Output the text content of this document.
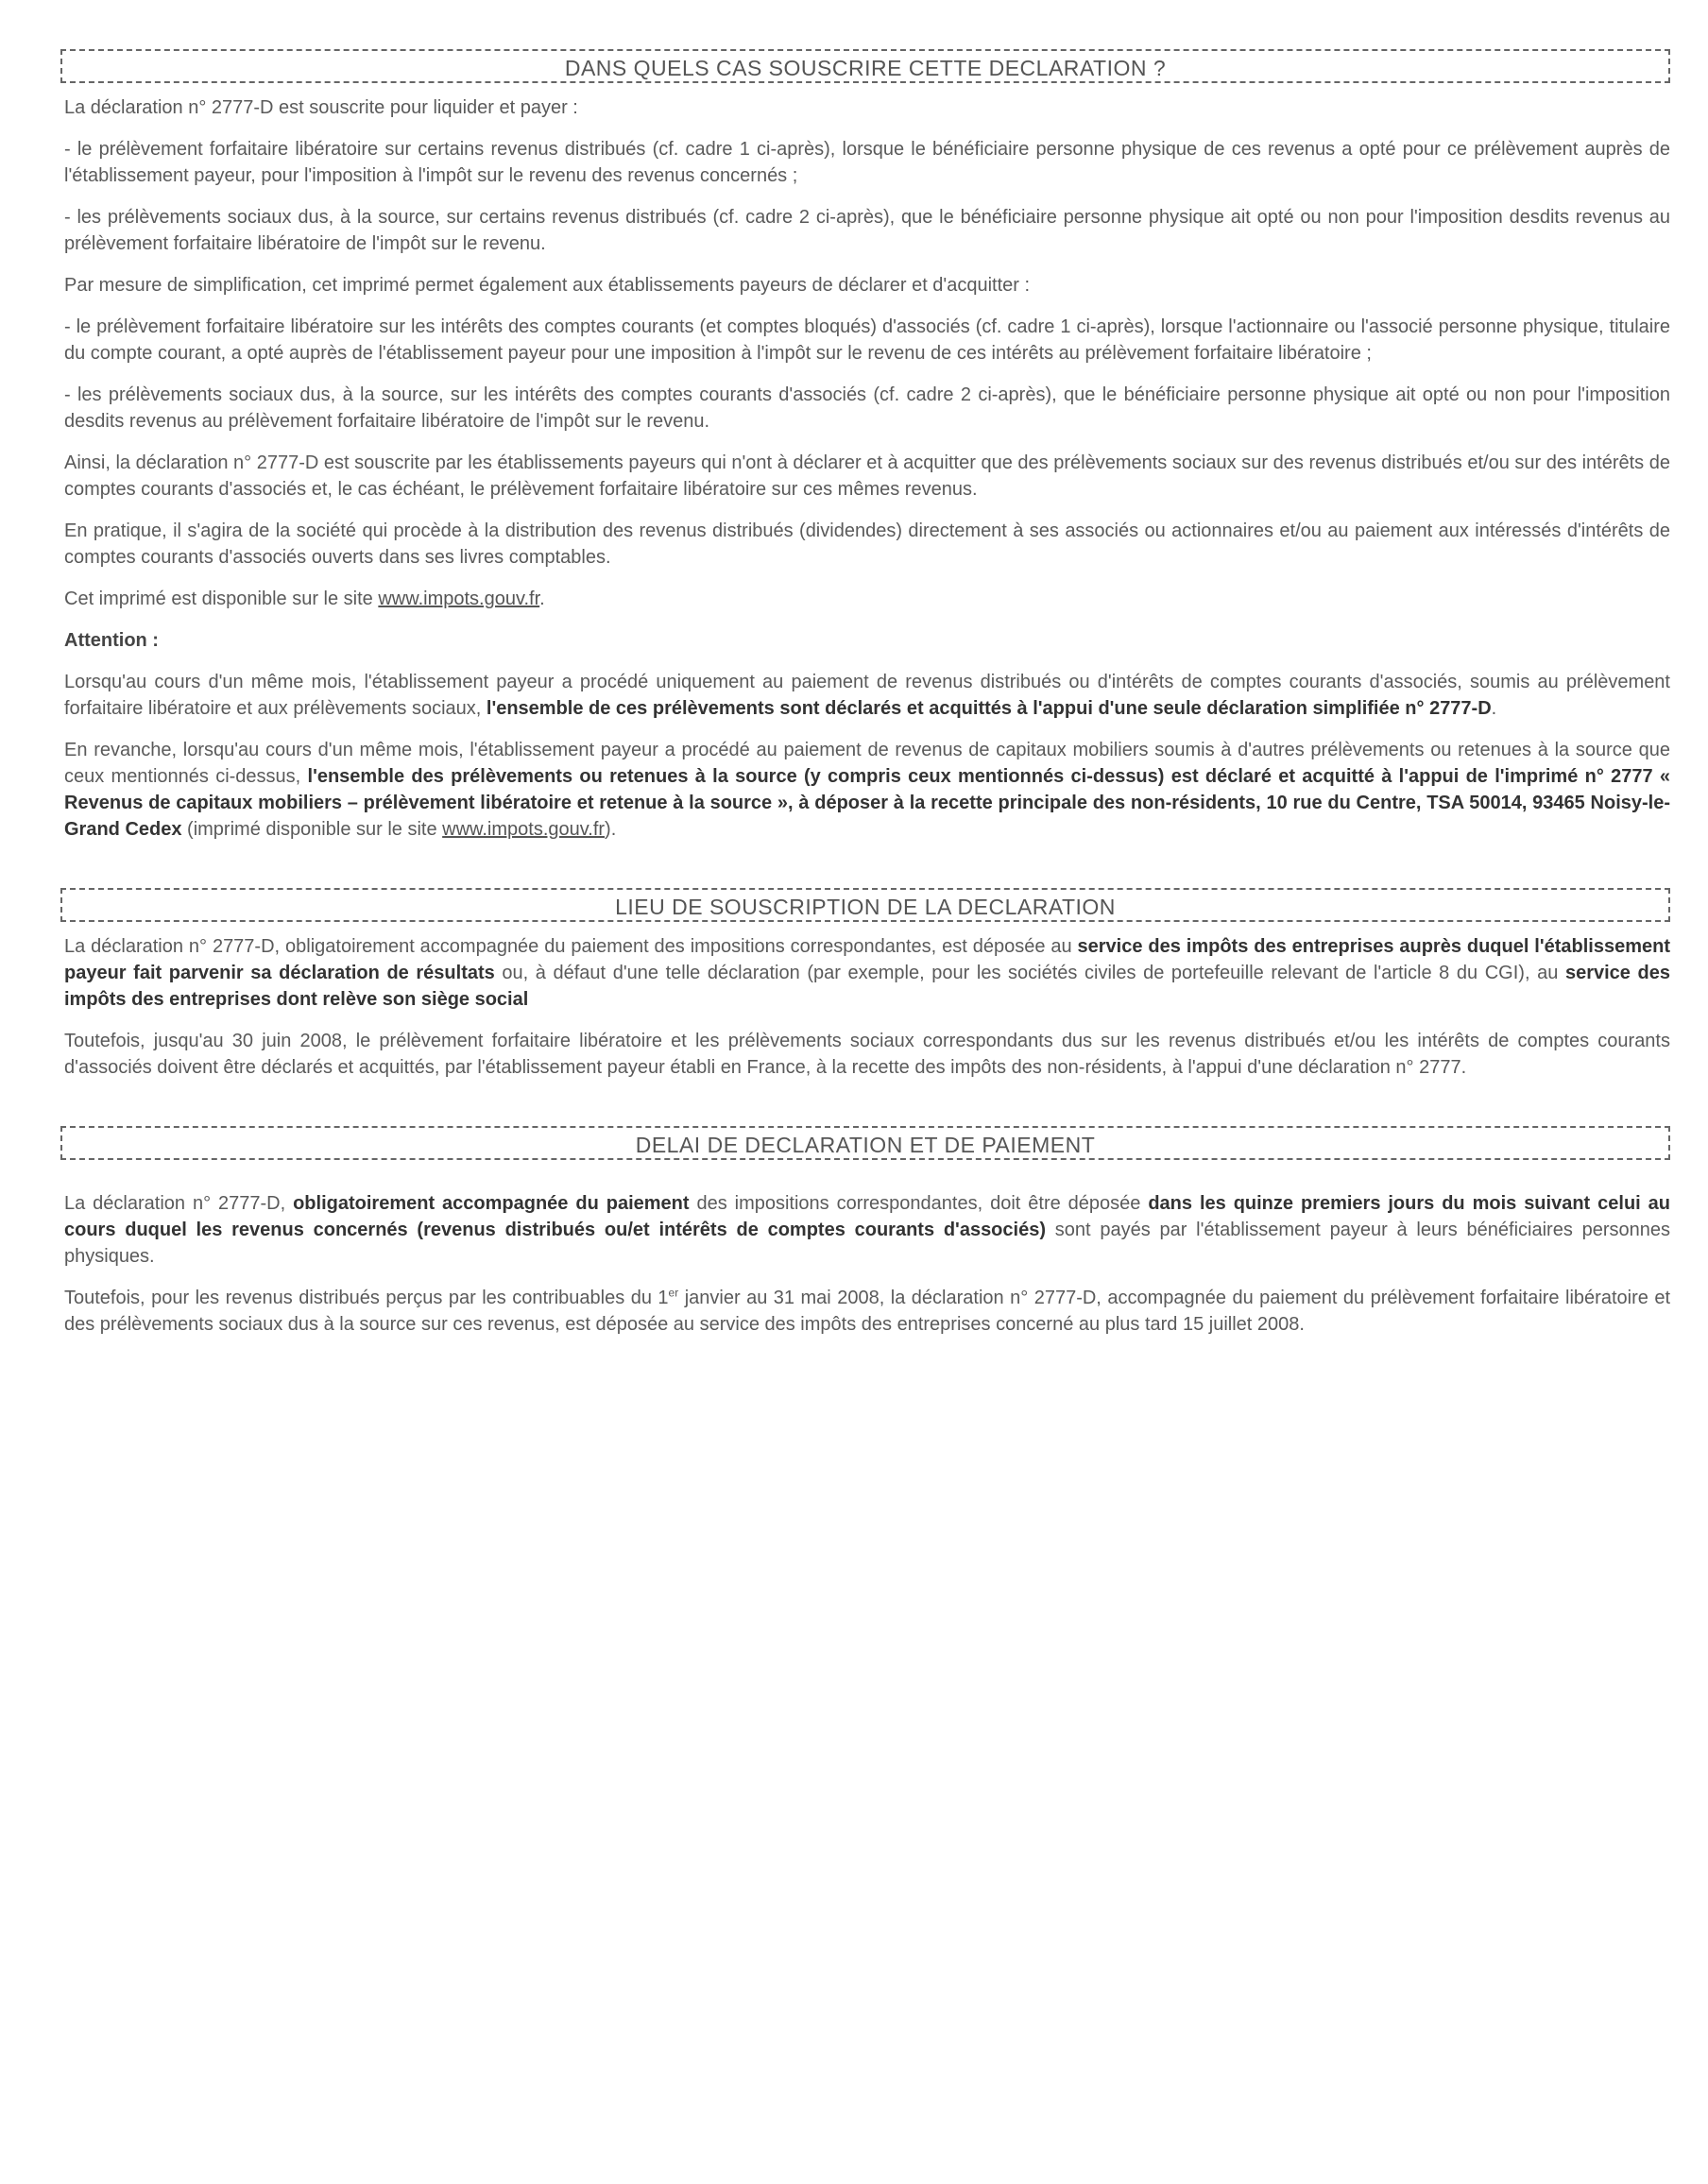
DANS QUELS CAS SOUSCRIRE CETTE DECLARATION ?

La déclaration n° 2777-D est souscrite pour liquider et payer :

- le prélèvement forfaitaire libératoire sur certains revenus distribués (cf. cadre 1 ci-après), lorsque le bénéficiaire personne physique de ces revenus a opté pour ce prélèvement auprès de l'établissement payeur, pour l'imposition à l'impôt sur le revenu des revenus concernés ;

- les prélèvements sociaux dus, à la source, sur certains revenus distribués (cf. cadre 2 ci-après), que le bénéficiaire personne physique ait opté ou non pour l'imposition desdits revenus au prélèvement forfaitaire libératoire de l'impôt sur le revenu.

Par mesure de simplification, cet imprimé permet également aux établissements payeurs de déclarer et d'acquitter :

- le prélèvement forfaitaire libératoire sur les intérêts des comptes courants (et comptes bloqués) d'associés (cf. cadre 1 ci-après), lorsque l'actionnaire ou l'associé personne physique, titulaire du compte courant, a opté auprès de l'établissement payeur pour une imposition à l'impôt sur le revenu de ces intérêts au prélèvement forfaitaire libératoire ;

- les prélèvements sociaux dus, à la source, sur les intérêts des comptes courants d'associés (cf. cadre 2 ci-après), que le bénéficiaire personne physique ait opté ou non pour l'imposition desdits revenus au prélèvement forfaitaire libératoire de l'impôt sur le revenu.

Ainsi, la déclaration n° 2777-D est souscrite par les établissements payeurs qui n'ont à déclarer et à acquitter que des prélèvements sociaux sur des revenus distribués et/ou sur des intérêts de comptes courants d'associés et, le cas échéant, le prélèvement forfaitaire libératoire sur ces mêmes revenus.

En pratique, il s'agira de la société qui procède à la distribution des revenus distribués (dividendes) directement à ses associés ou actionnaires et/ou au paiement aux intéressés d'intérêts de comptes courants d'associés ouverts dans ses livres comptables.

Cet imprimé est disponible sur le site www.impots.gouv.fr.

Attention :

Lorsqu'au cours d'un même mois, l'établissement payeur a procédé uniquement au paiement de revenus distribués ou d'intérêts de comptes courants d'associés, soumis au prélèvement forfaitaire libératoire et aux prélèvements sociaux, l'ensemble de ces prélèvements sont déclarés et acquittés à l'appui d'une seule déclaration simplifiée n° 2777-D.

En revanche, lorsqu'au cours d'un même mois, l'établissement payeur a procédé au paiement de revenus de capitaux mobiliers soumis à d'autres prélèvements ou retenues à la source que ceux mentionnés ci-dessus, l'ensemble des prélèvements ou retenues à la source (y compris ceux mentionnés ci-dessus) est déclaré et acquitté à l'appui de l'imprimé n° 2777 « Revenus de capitaux mobiliers – prélèvement libératoire et retenue à la source », à déposer à la recette principale des non-résidents, 10 rue du Centre, TSA 50014, 93465 Noisy-le-Grand Cedex (imprimé disponible sur le site www.impots.gouv.fr).

LIEU DE SOUSCRIPTION DE LA DECLARATION

La déclaration n° 2777-D, obligatoirement accompagnée du paiement des impositions correspondantes, est déposée au service des impôts des entreprises auprès duquel l'établissement payeur fait parvenir sa déclaration de résultats ou, à défaut d'une telle déclaration (par exemple, pour les sociétés civiles de portefeuille relevant de l'article 8 du CGI), au service des impôts des entreprises dont relève son siège social

Toutefois, jusqu'au 30 juin 2008, le prélèvement forfaitaire libératoire et les prélèvements sociaux correspondants dus sur les revenus distribués et/ou les intérêts de comptes courants d'associés doivent être déclarés et acquittés, par l'établissement payeur établi en France, à la recette des impôts des non-résidents, à l'appui d'une déclaration n° 2777.

DELAI DE DECLARATION ET DE PAIEMENT

La déclaration n° 2777-D, obligatoirement accompagnée du paiement des impositions correspondantes, doit être déposée dans les quinze premiers jours du mois suivant celui au cours duquel les revenus concernés (revenus distribués ou/et intérêts de comptes courants d'associés) sont payés par l'établissement payeur à leurs bénéficiaires personnes physiques.

Toutefois, pour les revenus distribués perçus par les contribuables du 1er janvier au 31 mai 2008, la déclaration n° 2777-D, accompagnée du paiement du prélèvement forfaitaire libératoire et des prélèvements sociaux dus à la source sur ces revenus, est déposée au service des impôts des entreprises concerné au plus tard 15 juillet 2008.
